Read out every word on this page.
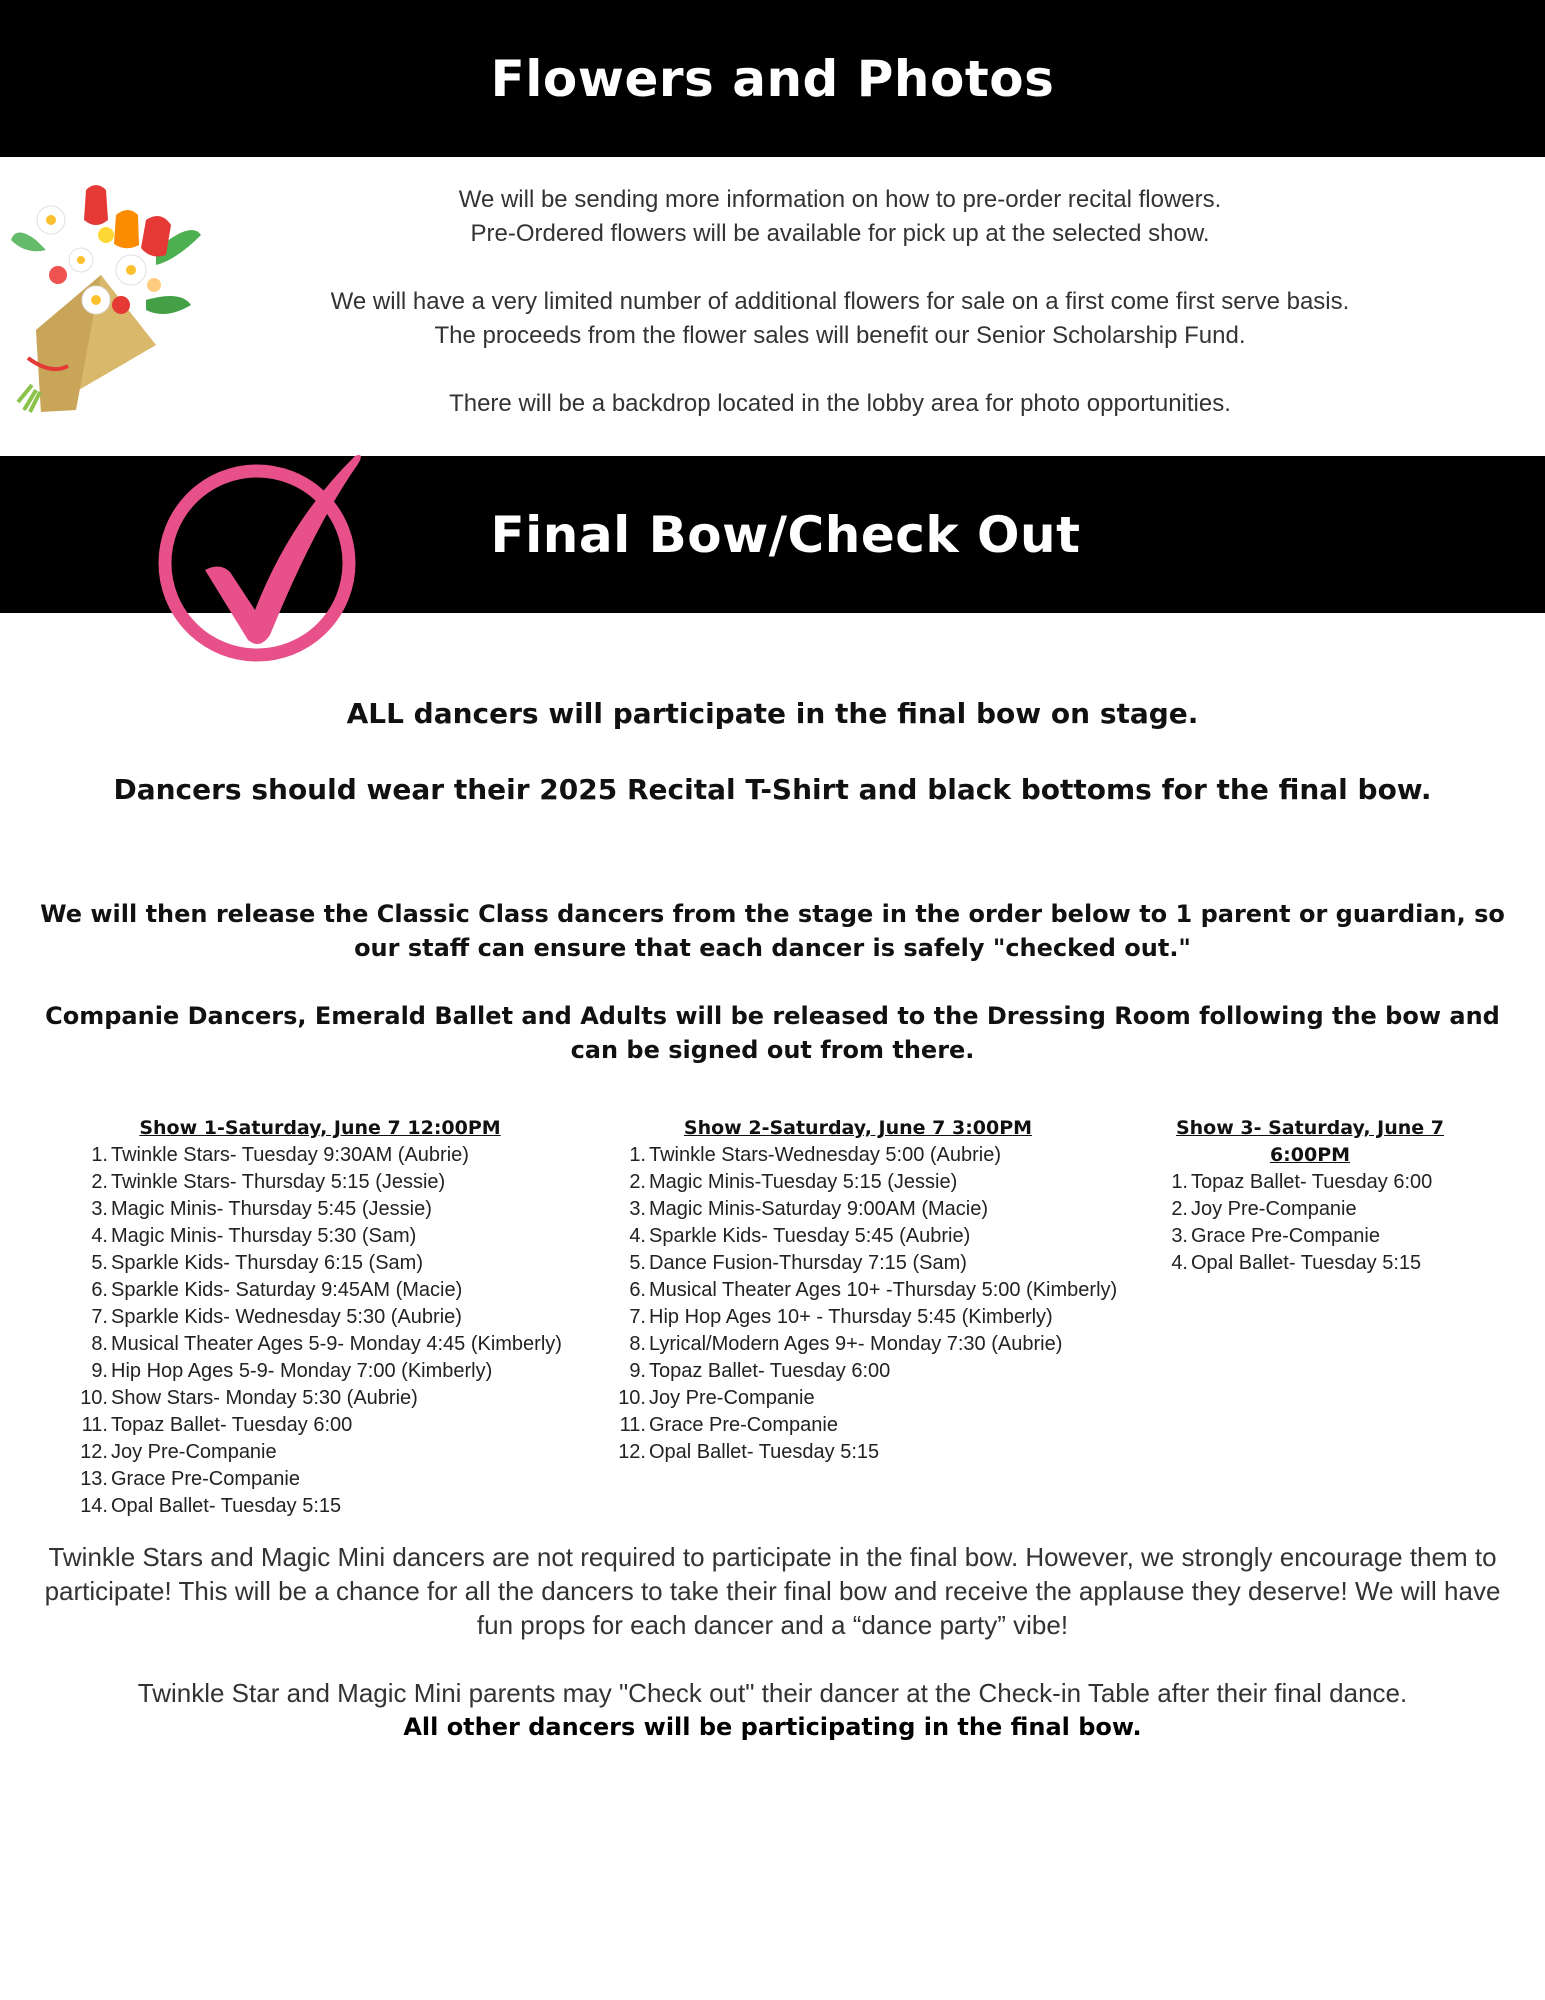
Flowers and Photos

We will be sending more information on how to pre-order recital flowers.

Pre-Ordered flowers will be available for pick up at the selected show.

We will have a very limited number of additional flowers for sale on a first come first serve basis.

The proceeds from the flower sales will benefit our Senior Scholarship Fund.

There will be a backdrop located in the lobby area for photo opportunities.

Final Bow/Check Out
ALL dancers will participate in the final bow on stage.
Dancers should wear their 2025 Recital T-Shirt and black bottoms for the final bow.
We will then release the Classic Class dancers from the stage in the order below to 1 parent or guardian, so our staff can ensure that each dancer is safely "checked out."
Companie Dancers, Emerald Ballet and Adults will be released to the Dressing Room following the bow and can be signed out from there.
Show 1-Saturday, June 7 12:00PM
1. Twinkle Stars- Tuesday 9:30AM (Aubrie)
2. Twinkle Stars- Thursday 5:15 (Jessie)
3. Magic Minis- Thursday 5:45 (Jessie)
4. Magic Minis- Thursday 5:30 (Sam)
5. Sparkle Kids- Thursday 6:15 (Sam)
6. Sparkle Kids- Saturday 9:45AM (Macie)
7. Sparkle Kids- Wednesday 5:30 (Aubrie)
8. Musical Theater Ages 5-9- Monday 4:45 (Kimberly)
9. Hip Hop Ages 5-9- Monday 7:00 (Kimberly)
10. Show Stars- Monday 5:30 (Aubrie)
11. Topaz Ballet- Tuesday 6:00
12. Joy Pre-Companie
13. Grace Pre-Companie
14. Opal Ballet- Tuesday 5:15
Show 2-Saturday, June 7 3:00PM
1. Twinkle Stars-Wednesday 5:00 (Aubrie)
2. Magic Minis-Tuesday 5:15 (Jessie)
3. Magic Minis-Saturday 9:00AM (Macie)
4. Sparkle Kids- Tuesday 5:45 (Aubrie)
5. Dance Fusion-Thursday 7:15 (Sam)
6. Musical Theater Ages 10+ -Thursday 5:00 (Kimberly)
7. Hip Hop Ages 10+ - Thursday 5:45 (Kimberly)
8. Lyrical/Modern Ages 9+- Monday 7:30 (Aubrie)
9. Topaz Ballet- Tuesday 6:00
10. Joy Pre-Companie
11. Grace Pre-Companie
12. Opal Ballet- Tuesday 5:15
Show 3- Saturday, June 7 6:00PM
1. Topaz Ballet- Tuesday 6:00
2. Joy Pre-Companie
3. Grace Pre-Companie
4. Opal Ballet- Tuesday 5:15
Twinkle Stars and Magic Mini dancers are not required to participate in the final bow. However, we strongly encourage them to participate! This will be a chance for all the dancers to take their final bow and receive the applause they deserve! We will have fun props for each dancer and a “dance party” vibe!
Twinkle Star and Magic Mini parents may "Check out" their dancer at the Check-in Table after their final dance.
All other dancers will be participating in the final bow.
